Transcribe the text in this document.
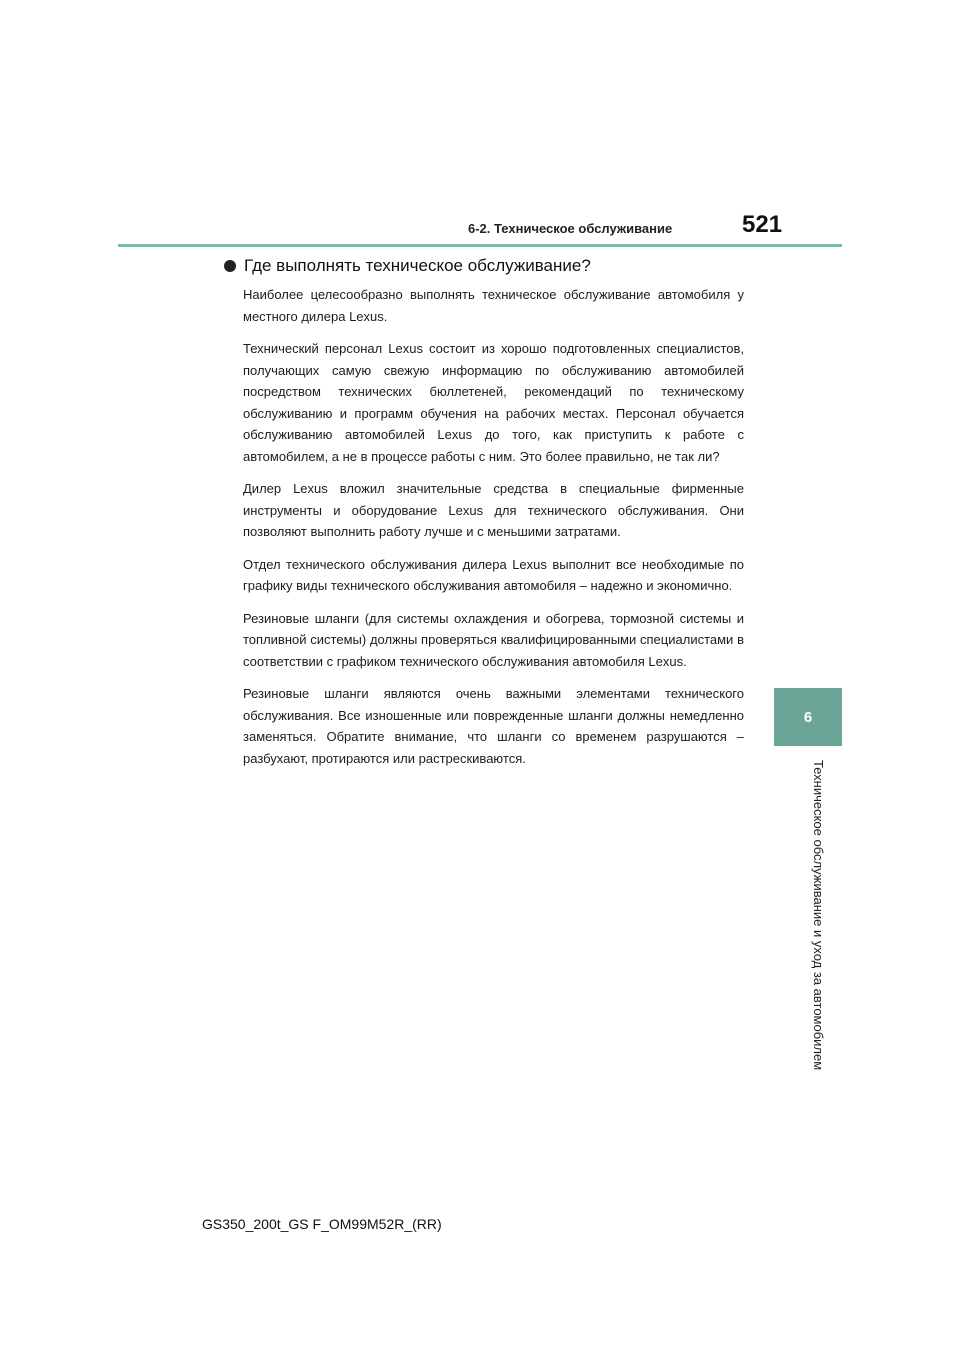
6-2. Техническое обслуживание	521
6
Техническое обслуживание и уход за автомобилем
Где выполнять техническое обслуживание?

Наиболее целесообразно выполнять техническое обслуживание автомобиля у местного дилера Lexus.

Технический персонал Lexus состоит из хорошо подготовленных специалистов, получающих самую свежую информацию по обслуживанию автомобилей посредством технических бюллетеней, рекомендаций по техническому обслуживанию и программ обучения на рабочих местах. Персонал обучается обслуживанию автомобилей Lexus до того, как приступить к работе с автомобилем, а не в процессе работы с ним. Это более правильно, не так ли?

Дилер Lexus вложил значительные средства в специальные фирменные инструменты и оборудование Lexus для технического обслуживания. Они позволяют выполнить работу лучше и с меньшими затратами.

Отдел технического обслуживания дилера Lexus выполнит все необходимые по графику виды технического обслуживания автомобиля – надежно и экономично.

Резиновые шланги (для системы охлаждения и обогрева, тормозной системы и топливной системы) должны проверяться квалифицированными специалистами в соответствии с графиком технического обслуживания автомобиля Lexus.

Резиновые шланги являются очень важными элементами технического обслуживания. Все изношенные или поврежденные шланги должны немедленно заменяться. Обратите внимание, что шланги со временем разрушаются – разбухают, протираются или растрескиваются.

GS350_200t_GS F_OM99M52R_(RR)
